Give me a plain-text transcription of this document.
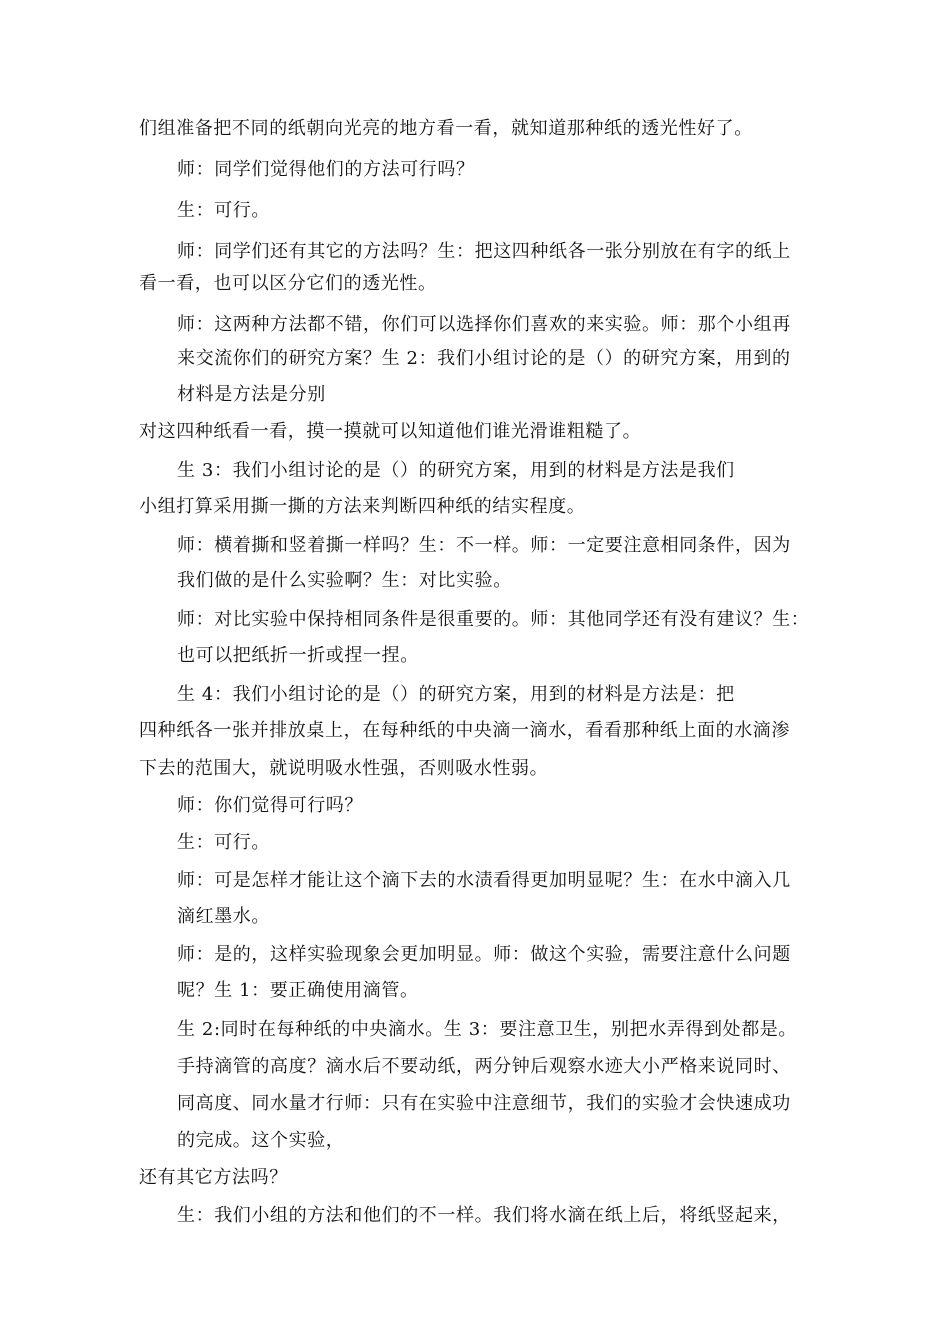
们组准备把不同的纸朝向光亮的地方看一看，就知道那种纸的透光性好了。
师：同学们觉得他们的方法可行吗？
生：可行。
师：同学们还有其它的方法吗？生：把这四种纸各一张分别放在有字的纸上
看一看，也可以区分它们的透光性。
师：这两种方法都不错，你们可以选择你们喜欢的来实验。师：那个小组再
来交流你们的研究方案？生 2：我们小组讨论的是（）的研究方案，用到的
材料是方法是分别
对这四种纸看一看，摸一摸就可以知道他们谁光滑谁粗糙了。
生 3：我们小组讨论的是（）的研究方案，用到的材料是方法是我们
小组打算采用撕一撕的方法来判断四种纸的结实程度。
师：横着撕和竖着撕一样吗？生：不一样。师：一定要注意相同条件，因为
我们做的是什么实验啊？生：对比实验。
师：对比实验中保持相同条件是很重要的。师：其他同学还有没有建议？生：
也可以把纸折一折或捏一捏。
生 4：我们小组讨论的是（）的研究方案，用到的材料是方法是：把
四种纸各一张并排放桌上，在每种纸的中央滴一滴水，看看那种纸上面的水滴渗
下去的范围大，就说明吸水性强，否则吸水性弱。
师：你们觉得可行吗？
生：可行。
师：可是怎样才能让这个滴下去的水渍看得更加明显呢？生：在水中滴入几
滴红墨水。
师：是的，这样实验现象会更加明显。师：做这个实验，需要注意什么问题
呢？生 1：要正确使用滴管。
生 2:同时在每种纸的中央滴水。生 3：要注意卫生，别把水弄得到处都是。
手持滴管的高度？滴水后不要动纸，两分钟后观察水迹大小严格来说同时、
同高度、同水量才行师：只有在实验中注意细节，我们的实验才会快速成功
的完成。这个实验，
还有其它方法吗？
生：我们小组的方法和他们的不一样。我们将水滴在纸上后，将纸竖起来，
